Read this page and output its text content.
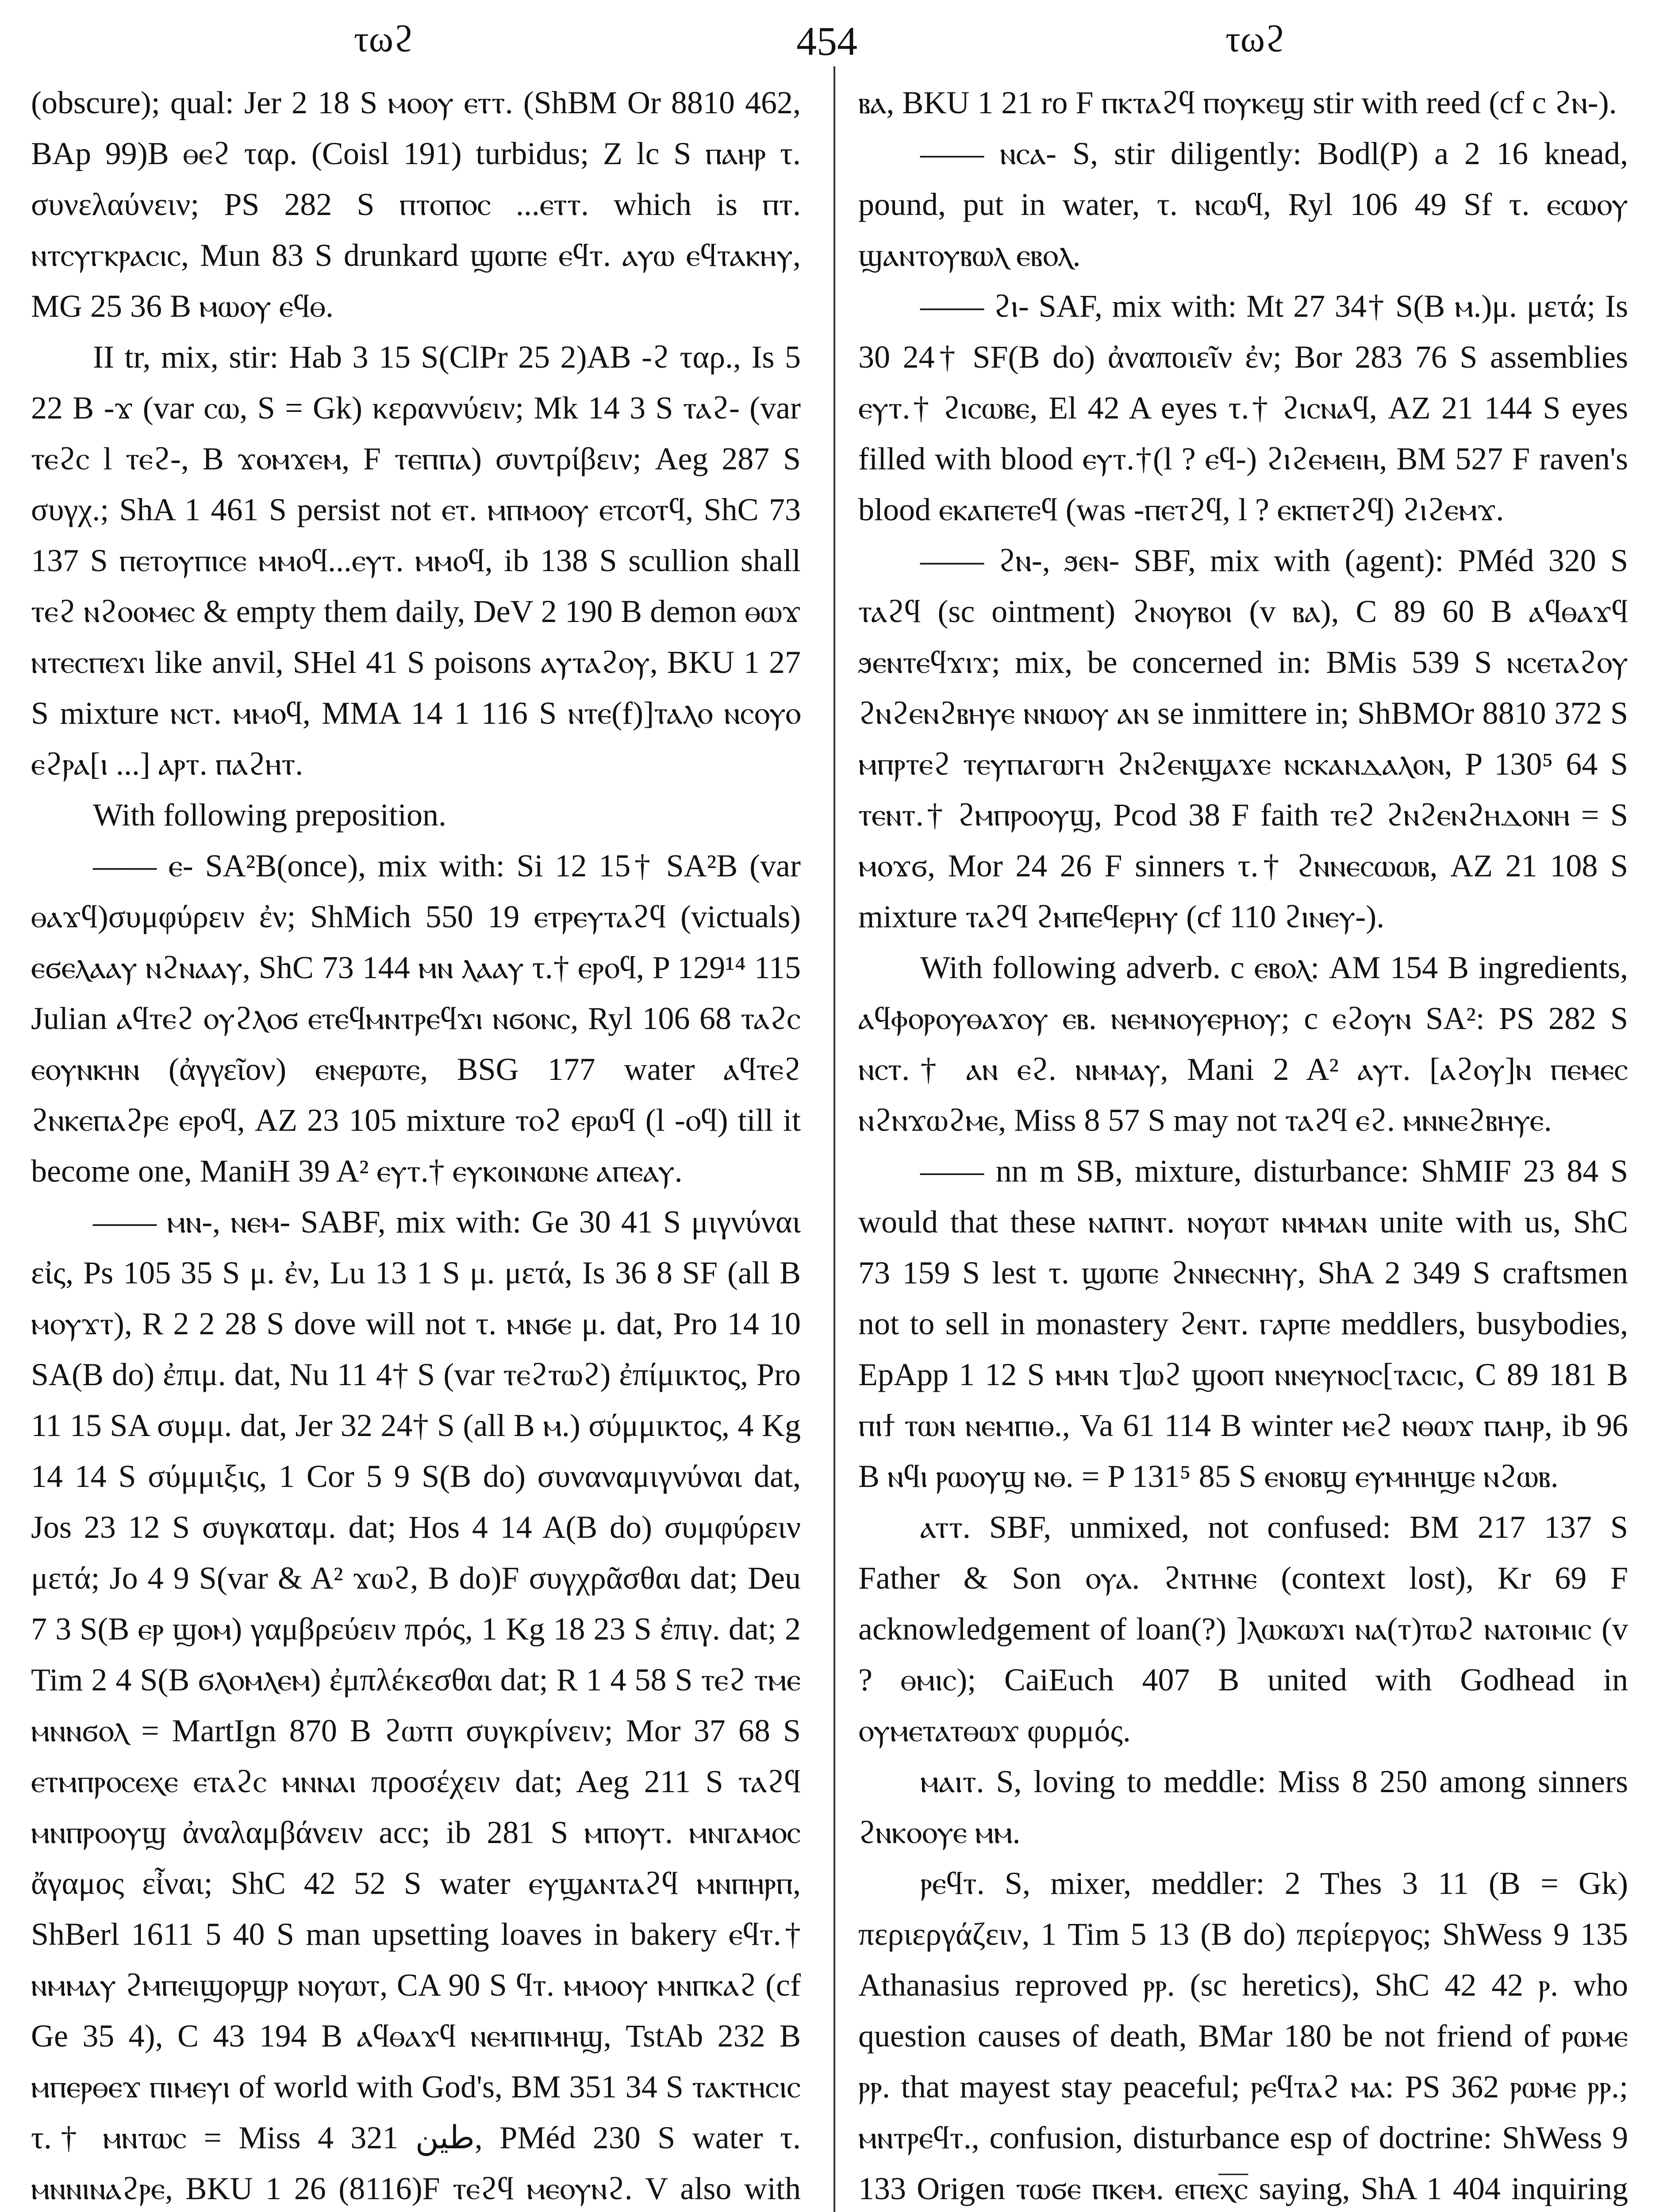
τωϩ	454	τωϩ

(obscure); qual: Jer 2 18 S ⲙⲟⲟⲩ ⲉⲧⲧ. (ShBM Or 8810 462, BAp 99)B ⲑⲉϩ ταρ. (Coisl 191) turbidus; Z lc S ⲡⲁⲏⲣ τ. συνελαύνειν; PS 282 S ⲡⲧⲟⲡⲟⲥ ...ⲉⲧⲧ. which is ⲡⲧ. ⲛⲧⲥⲩⲅⲕⲣⲁⲥⲓⲥ, Mun 83 S drunkard ϣⲱⲡⲉ ⲉϥⲧ. ⲁⲩⲱ ⲉϥⲧⲁⲕⲏⲩ, MG 25 36 B ⲙⲱⲟⲩ ⲉϥⲑ.

II tr, mix, stir: Hab 3 15 S(ClPr 25 2)AB -ϩ ταρ., Is 5 22 B -ϫ (var ⲥⲱ, S = Gk) κεραννύειν; Mk 14 3 S ⲧⲁϩ- (var ⲧⲉϩⲥ l ⲧⲉϩ-, B ϫⲟⲙϫⲉⲙ, F ⲧⲉⲡⲡⲁ) συντρίβειν; Aeg 287 S συγχ.; ShA 1 461 S persist not ⲉⲧ. ⲙⲡⲙⲟⲟⲩ ⲉⲧⲥⲟⲧϥ, ShC 73 137 S ⲡⲉⲧⲟⲩⲡⲓⲥⲉ ⲙⲙⲟϥ...ⲉⲩⲧ. ⲙⲙⲟϥ, ib 138 S scullion shall ⲧⲉϩ ⲛϩⲟⲟⲙⲉⲥ & empty them daily, DeV 2 190 B demon ⲑⲱϫ ⲛⲧⲉⲥⲡⲉϫⲓ like anvil, SHel 41 S poisons ⲁⲩⲧⲁϩⲟⲩ, BKU 1 27 S mixture ⲛⲥⲧ. ⲙⲙⲟϥ, MMA 14 1 116 S ⲛⲧⲉ(f)]ⲧⲁⲗⲟ ⲛⲥⲟⲩⲟ ⲉϩⲣⲁ[ⲓ ...] ⲁⲣⲧ. ⲡⲁϩⲏⲧ.

With following preposition.

—— ⲉ- SA²B(once), mix with: Si 12 15† SA²B (var ⲑⲁϫϥ)συμφύρειν ἐν; ShMich 550 19 ⲉⲧⲣⲉⲩⲧⲁϩϥ (victuals) ⲉϭⲉⲗⲁⲁⲩ ⲛϩⲛⲁⲁⲩ, ShC 73 144 ⲙⲛ ⲗⲁⲁⲩ τ.† ⲉⲣⲟϥ, P 129¹⁴ 115 Julian ⲁϥⲧⲉϩ ⲟⲩϩⲗⲟϭ ⲉⲧⲉϥⲙⲛⲧⲣⲉϥϫⲓ ⲛϭⲟⲛⲥ, Ryl 106 68 ⲧⲁϩⲥ ⲉⲟⲩⲛⲕⲏⲛ (ἀγγεῖον) ⲉⲛⲉⲣⲱⲧⲉ, BSG 177 water ⲁϥⲧⲉϩ ϩⲛⲕⲉⲡⲁϩⲣⲉ ⲉⲣⲟϥ, AZ 23 105 mixture ⲧⲟϩ ⲉⲣⲱϥ (l -ⲟϥ) till it become one, ManiH 39 A² ⲉⲩⲧ.† ⲉⲩⲕⲟⲓⲛⲱⲛⲉ ⲁⲡⲉⲁⲩ.

—— ⲙⲛ-, ⲛⲉⲙ- SABF, mix with: Ge 30 41 S μιγνύναι εἰς, Ps 105 35 S μ. ἐν, Lu 13 1 S μ. μετά, Is 36 8 SF (all B ⲙⲟⲩϫⲧ), R 2 2 28 S dove will not τ. ⲙⲛϭⲉ μ. dat, Pro 14 10 SA(B do) ἐπιμ. dat, Nu 11 4† S (var ⲧⲉϩⲧⲱϩ) ἐπίμικτος, Pro 11 15 SA συμμ. dat, Jer 32 24† S (all B ⲙ.) σύμμικτος, 4 Kg 14 14 S σύμμιξις, 1 Cor 5 9 S(B do) συναναμιγνύναι dat, Jos 23 12 S συγκαταμ. dat; Hos 4 14 A(B do) συμφύρειν μετά; Jo 4 9 S(var & A² ϫⲱϩ, B do)F συγχρᾶσθαι dat; Deu 7 3 S(B ⲉⲣ ϣⲟⲙ) γαμβρεύειν πρός, 1 Kg 18 23 S ἐπιγ. dat; 2 Tim 2 4 S(B ϭⲗⲟⲙⲗⲉⲙ) ἐμπλέκεσθαι dat; R 1 4 58 S ⲧⲉϩ ⲧⲙⲉ ⲙⲛⲛϭⲟⲗ = MartIgn 870 B ϩⲱⲧⲡ συγκρίνειν; Mor 37 68 S ⲉⲧⲙⲡⲣⲟⲥⲉⲭⲉ ⲉⲧⲁϩⲥ ⲙⲛⲛⲁⲓ προσέχειν dat; Aeg 211 S ⲧⲁϩϥ ⲙⲛⲡⲣⲟⲟⲩϣ ἀναλαμβάνειν acc; ib 281 S ⲙⲡⲟⲩⲧ. ⲙⲛⲅⲁⲙⲟⲥ ἄγαμος εἶναι; ShC 42 52 S water ⲉⲩϣⲁⲛⲧⲁϩϥ ⲙⲛⲡⲏⲣⲡ, ShBerl 1611 5 40 S man upsetting loaves in bakery ⲉϥⲧ.† ⲛⲙⲙⲁⲩ ϩⲙⲡⲉⲓϣⲟⲣϣⲣ ⲛⲟⲩⲱⲧ, CA 90 S ϥⲧ. ⲙⲙⲟⲟⲩ ⲙⲛⲡⲕⲁϩ (cf Ge 35 4), C 43 194 B ⲁϥⲑⲁϫϥ ⲛⲉⲙⲡⲓⲙⲏϣ, TstAb 232 B ⲙⲡⲉⲣⲑⲉϫ ⲡⲓⲙⲉⲩⲓ of world with God's, BM 351 34 S ⲧⲁⲕⲧⲏⲥⲓⲥ τ.† ⲙⲛⲧⲱⲥ = Miss 4 321 طين, PMéd 230 S water τ. ⲙⲛⲛⲓⲛⲁϩⲣⲉ, BKU 1 26 (8116)F ⲧⲉϩϥ ⲙⲉⲟⲩⲛϩ. V also with

ⲃⲁ, BKU 1 21 ro F ⲡⲕⲧⲁϩϥ ⲡⲟⲩⲕⲉϣ stir with reed (cf c ϩⲛ-).

—— ⲛⲥⲁ- S, stir diligently: Bodl(P) a 2 16 knead, pound, put in water, τ. ⲛⲥⲱϥ, Ryl 106 49 Sf τ. ⲉⲥⲱⲟⲩ ϣⲁⲛⲧⲟⲩⲃⲱⲗ ⲉⲃⲟⲗ.

—— ϩⲓ- SAF, mix with: Mt 27 34† S(B ⲙ.)μ. μετά; Is 30 24† SF(B do) ἀναποιεῖν ἐν; Bor 283 76 S assemblies ⲉⲩⲧ.† ϩⲓⲥⲱⲃⲉ, El 42 A eyes τ.† ϩⲓⲥⲛⲁϥ, AZ 21 144 S eyes filled with blood ⲉⲩⲧ.†(l ? ⲉϥ-) ϩⲓϩⲉⲙⲉⲓⲏ, BM 527 F raven's blood ⲉⲕⲁⲡⲉⲧⲉϥ (was -ⲡⲉⲧϩϥ, l ? ⲉⲕⲡⲉⲧϩϥ) ϩⲓϩⲉⲙϫ.

—— ϩⲛ-, ϧⲉⲛ- SBF, mix with (agent): PMéd 320 S ⲧⲁϩϥ (sc ointment) ϩⲛⲟⲩⲃⲟⲓ (v ⲃⲁ), C 89 60 B ⲁϥⲑⲁϫϥ ϧⲉⲛⲧⲉϥϫⲓϫ; mix, be concerned in: BMis 539 S ⲛⲥⲉⲧⲁϩⲟⲩ ϩⲛϩⲉⲛϩⲃⲏⲩⲉ ⲛⲛⲱⲟⲩ ⲁⲛ se inmittere in; ShBMOr 8810 372 S ⲙⲡⲣⲧⲉϩ ⲧⲉⲩⲡⲁⲅⲱⲅⲏ ϩⲛϩⲉⲛϣⲁϫⲉ ⲛⲥⲕⲁⲛⲇⲁⲗⲟⲛ, P 130⁵ 64 S ⲧⲉⲛⲧ.† ϩⲙⲡⲣⲟⲟⲩϣ, Pcod 38 F faith ⲧⲉϩ ϩⲛϩⲉⲛϩⲏⲇⲟⲛⲏ = S ⲙⲟϫϭ, Mor 24 26 F sinners τ.† ϩⲛⲛⲉⲥⲱⲱⲃ, AZ 21 108 S mixture ⲧⲁϩϥ ϩⲙⲡⲉϥⲉⲣⲏⲩ (cf 110 ϩⲓⲛⲉⲩ-).

With following adverb. c ⲉⲃⲟⲗ: AM 154 B ingredients, ⲁϥⲫⲟⲣⲟⲩⲑⲁϫⲟⲩ ⲉⲃ. ⲛⲉⲙⲛⲟⲩⲉⲣⲏⲟⲩ; c ⲉϩⲟⲩⲛ SA²: PS 282 S ⲛⲥⲧ.† ⲁⲛ ⲉϩ. ⲛⲙⲙⲁⲩ, Mani 2 A² ⲁⲩⲧ. [ⲁϩⲟⲩ]ⲛ ⲡⲉⲙⲉⲥ ⲛϩⲛϫⲱϩⲙⲉ, Miss 8 57 S may not ⲧⲁϩϥ ⲉϩ. ⲙⲛⲛⲉϩⲃⲏⲩⲉ.

—— nn m SB, mixture, disturbance: ShMIF 23 84 S would that these ⲛⲁⲡⲛⲧ. ⲛⲟⲩⲱⲧ ⲛⲙⲙⲁⲛ unite with us, ShC 73 159 S lest τ. ϣⲱⲡⲉ ϩⲛⲛⲉⲥⲛⲏⲩ, ShA 2 349 S craftsmen not to sell in monastery ϩⲉⲛⲧ. ⲅⲁⲣⲡⲉ meddlers, busybodies, EpApp 1 12 S ⲙⲙⲛ τ]ⲱϩ ϣⲟⲟⲡ ⲛⲛⲉⲩⲛⲟⲥ[ⲧⲁⲥⲓⲥ, C 89 181 B ⲡⲓϯ ⲧⲱⲛ ⲛⲉⲙⲡⲓⲑ., Va 61 114 B winter ⲙⲉϩ ⲛⲑⲱϫ ⲡⲁⲏⲣ, ib 96 B ⲛϥⲓ ⲣⲱⲟⲩϣ ⲛⲑ. = P 131⁵ 85 S ⲉⲛⲟⲃϣ ⲉⲩⲙⲏⲏϣⲉ ⲛϩⲱⲃ.

ⲁⲧⲧ. SBF, unmixed, not confused: BM 217 137 S Father & Son ⲟⲩⲁ. ϩⲛⲧⲏⲛⲉ (context lost), Kr 69 F acknowledgement of loan(?) ]ⲗⲱⲕⲱϫⲓ ⲛⲁ(ⲧ)ⲧⲱϩ ⲛⲁⲧⲟⲓⲙⲓⲥ (v ? ⲑⲙⲓⲥ); CaiEuch 407 B united with Godhead in ⲟⲩⲙⲉⲧⲁⲧⲑⲱϫ φυρμός.

ⲙⲁⲓⲧ. S, loving to meddle: Miss 8 250 among sinners ϩⲛⲕⲟⲟⲩⲉ ⲙⲙ.

ⲣⲉϥⲧ. S, mixer, meddler: 2 Thes 3 11 (B = Gk) περιεργάζειν, 1 Tim 5 13 (B do) περίεργος; ShWess 9 135 Athanasius reproved ⲣⲣ. (sc heretics), ShC 42 42 ⲣ. who question causes of death, BMar 180 be not friend of ⲣⲱⲙⲉ ⲣⲣ. that mayest stay peaceful; ⲣⲉϥⲧⲁϩ ⲙⲁ: PS 362 ⲣⲱⲙⲉ ⲣⲣ.; ⲙⲛⲧⲣⲉϥⲧ., confusion, disturbance esp of doctrine: ShWess 9 133 Origen ⲧⲱϭⲉ ⲡⲕⲉⲙ. ⲉⲡⲉⲭ̅ⲥ̅ saying, ShA 1 404 inquiring
